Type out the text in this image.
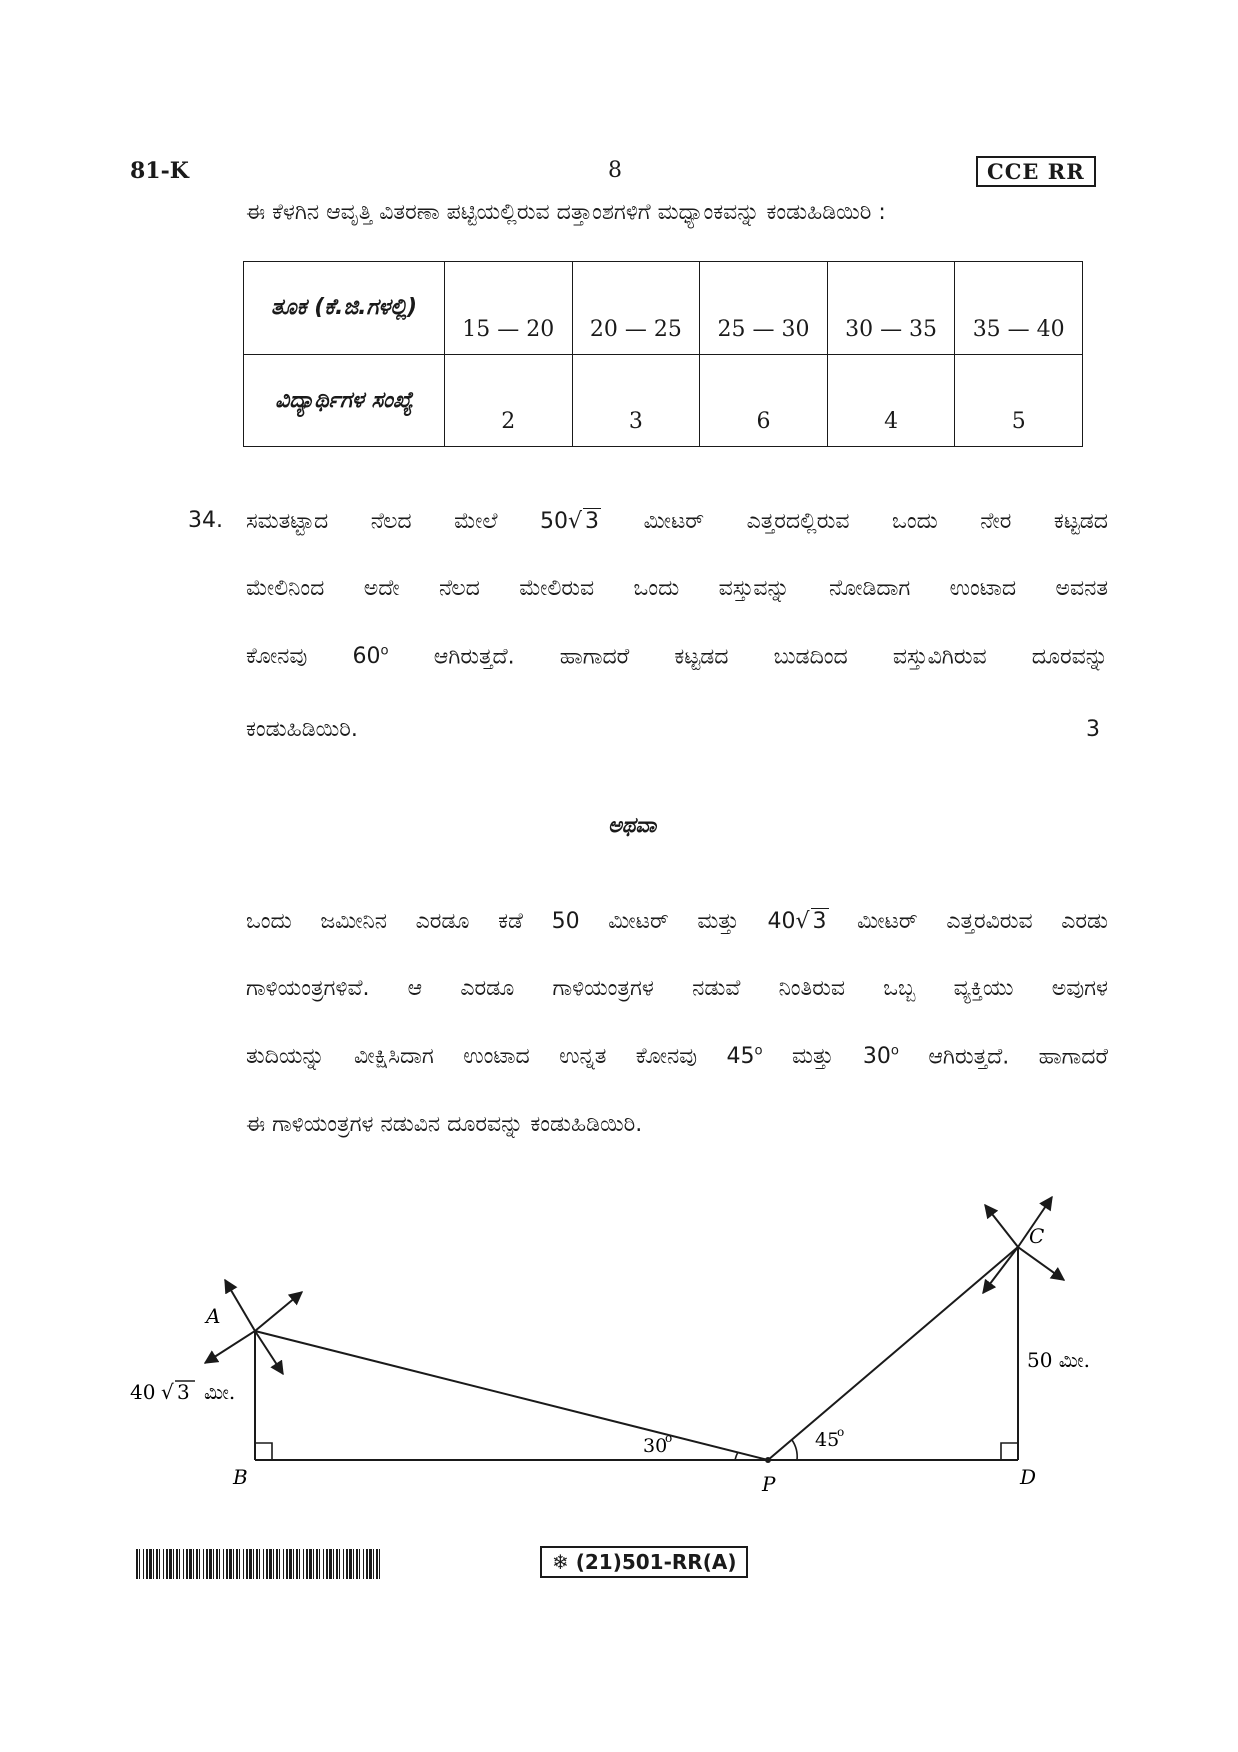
81-K	8	CCE RR
ಈ ಕೆಳಗಿನ ಆವೃತ್ತಿ ವಿತರಣಾ ಪಟ್ಟಿಯಲ್ಲಿರುವ ದತ್ತಾಂಶಗಳಿಗೆ ಮಧ್ಯಾಂಕವನ್ನು ಕಂಡುಹಿಡಿಯಿರಿ :
ತೂಕ (ಕೆ.ಜಿ.ಗಳಲ್ಲಿ)	15 — 20	20 — 25	25 — 30	30 — 35	35 — 40
ವಿದ್ಯಾರ್ಥಿಗಳ ಸಂಖ್ಯೆ	2	3	6	4	5
34. ಸಮತಟ್ಟಾದ ನೆಲದ ಮೇಲೆ 50√ 3 ಮೀಟರ್ ಎತ್ತರದಲ್ಲಿರುವ ಒಂದು ನೇರ ಕಟ್ಟಡದ
ಮೇಲಿನಿಂದ ಅದೇ ನೆಲದ ಮೇಲಿರುವ ಒಂದು ವಸ್ತುವನ್ನು ನೋಡಿದಾಗ ಉಂಟಾದ ಅವನತ
ಕೋನವು 60$^o$ ಆಗಿರುತ್ತದೆ. ಹಾಗಾದರೆ ಕಟ್ಟಡದ ಬುಡದಿಂದ ವಸ್ತುವಿಗಿರುವ ದೂರವನ್ನು
ಕಂಡುಹಿಡಿಯಿರಿ.	3
ಅಥವಾ
ಒಂದು ಜಮೀನಿನ ಎರಡೂ ಕಡೆ 50 ಮೀಟರ್ ಮತ್ತು 40√ 3 ಮೀಟರ್ ಎತ್ತರವಿರುವ ಎರಡು
ಗಾಳಿಯಂತ್ರಗಳಿವೆ. ಆ ಎರಡೂ ಗಾಳಿಯಂತ್ರಗಳ ನಡುವೆ ನಿಂತಿರುವ ಒಬ್ಬ ವ್ಯಕ್ತಿಯು ಅವುಗಳ
ತುದಿಯನ್ನು ವೀಕ್ಷಿಸಿದಾಗ ಉಂಟಾದ ಉನ್ನತ ಕೋನವು 45$^o$ ಮತ್ತು 30$^o$ ಆಗಿರುತ್ತದೆ. ಹಾಗಾದರೆ
ಈ ಗಾಳಿಯಂತ್ರಗಳ ನಡುವಿನ ದೂರವನ್ನು ಕಂಡುಹಿಡಿಯಿರಿ.
A
B
C
D
P
40 √ 3 ಮೀ.
50 ಮೀ.
30
o	45
o
❄ (21)501-RR(A)
